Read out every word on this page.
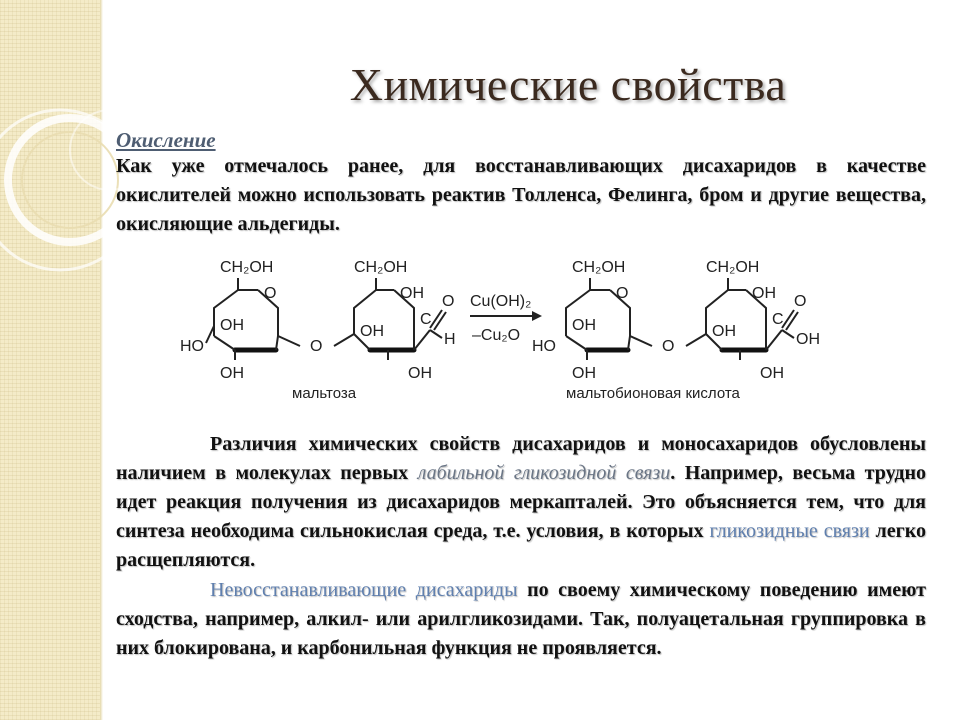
Химические свойства
Окисление

Как уже отмечалось ранее, для восстанавливающих дисахаридов в качестве окислителей можно использовать реактив Толленса, Фелинга, бром и другие вещества, окисляющие альдегиды.

CH₂OH
O
OH
HO
OH
O
CH₂OH
OH
OH
OH
C
O
H
мальтоза
Cu(OH)₂
–Cu₂O
CH₂OH
O
OH
HO
OH
O
CH₂OH
OH
OH
OH
C
O
OH
мальтобионовая кислота

Различия химических свойств дисахаридов и моносахаридов обусловлены наличием в молекулах первых лабильной гликозидной связи. Например, весьма трудно идет реакция получения из дисахаридов меркапталей. Это объясняется тем, что для синтеза необходима сильнокислая среда, т.е. условия, в которых гликозидные связи легко расщепляются.

Невосстанавливающие дисахариды по своему химическому поведению имеют сходства, например, алкил- или арилгликозидами. Так, полуацетальная группировка в них блокирована, и карбонильная функция не проявляется.
